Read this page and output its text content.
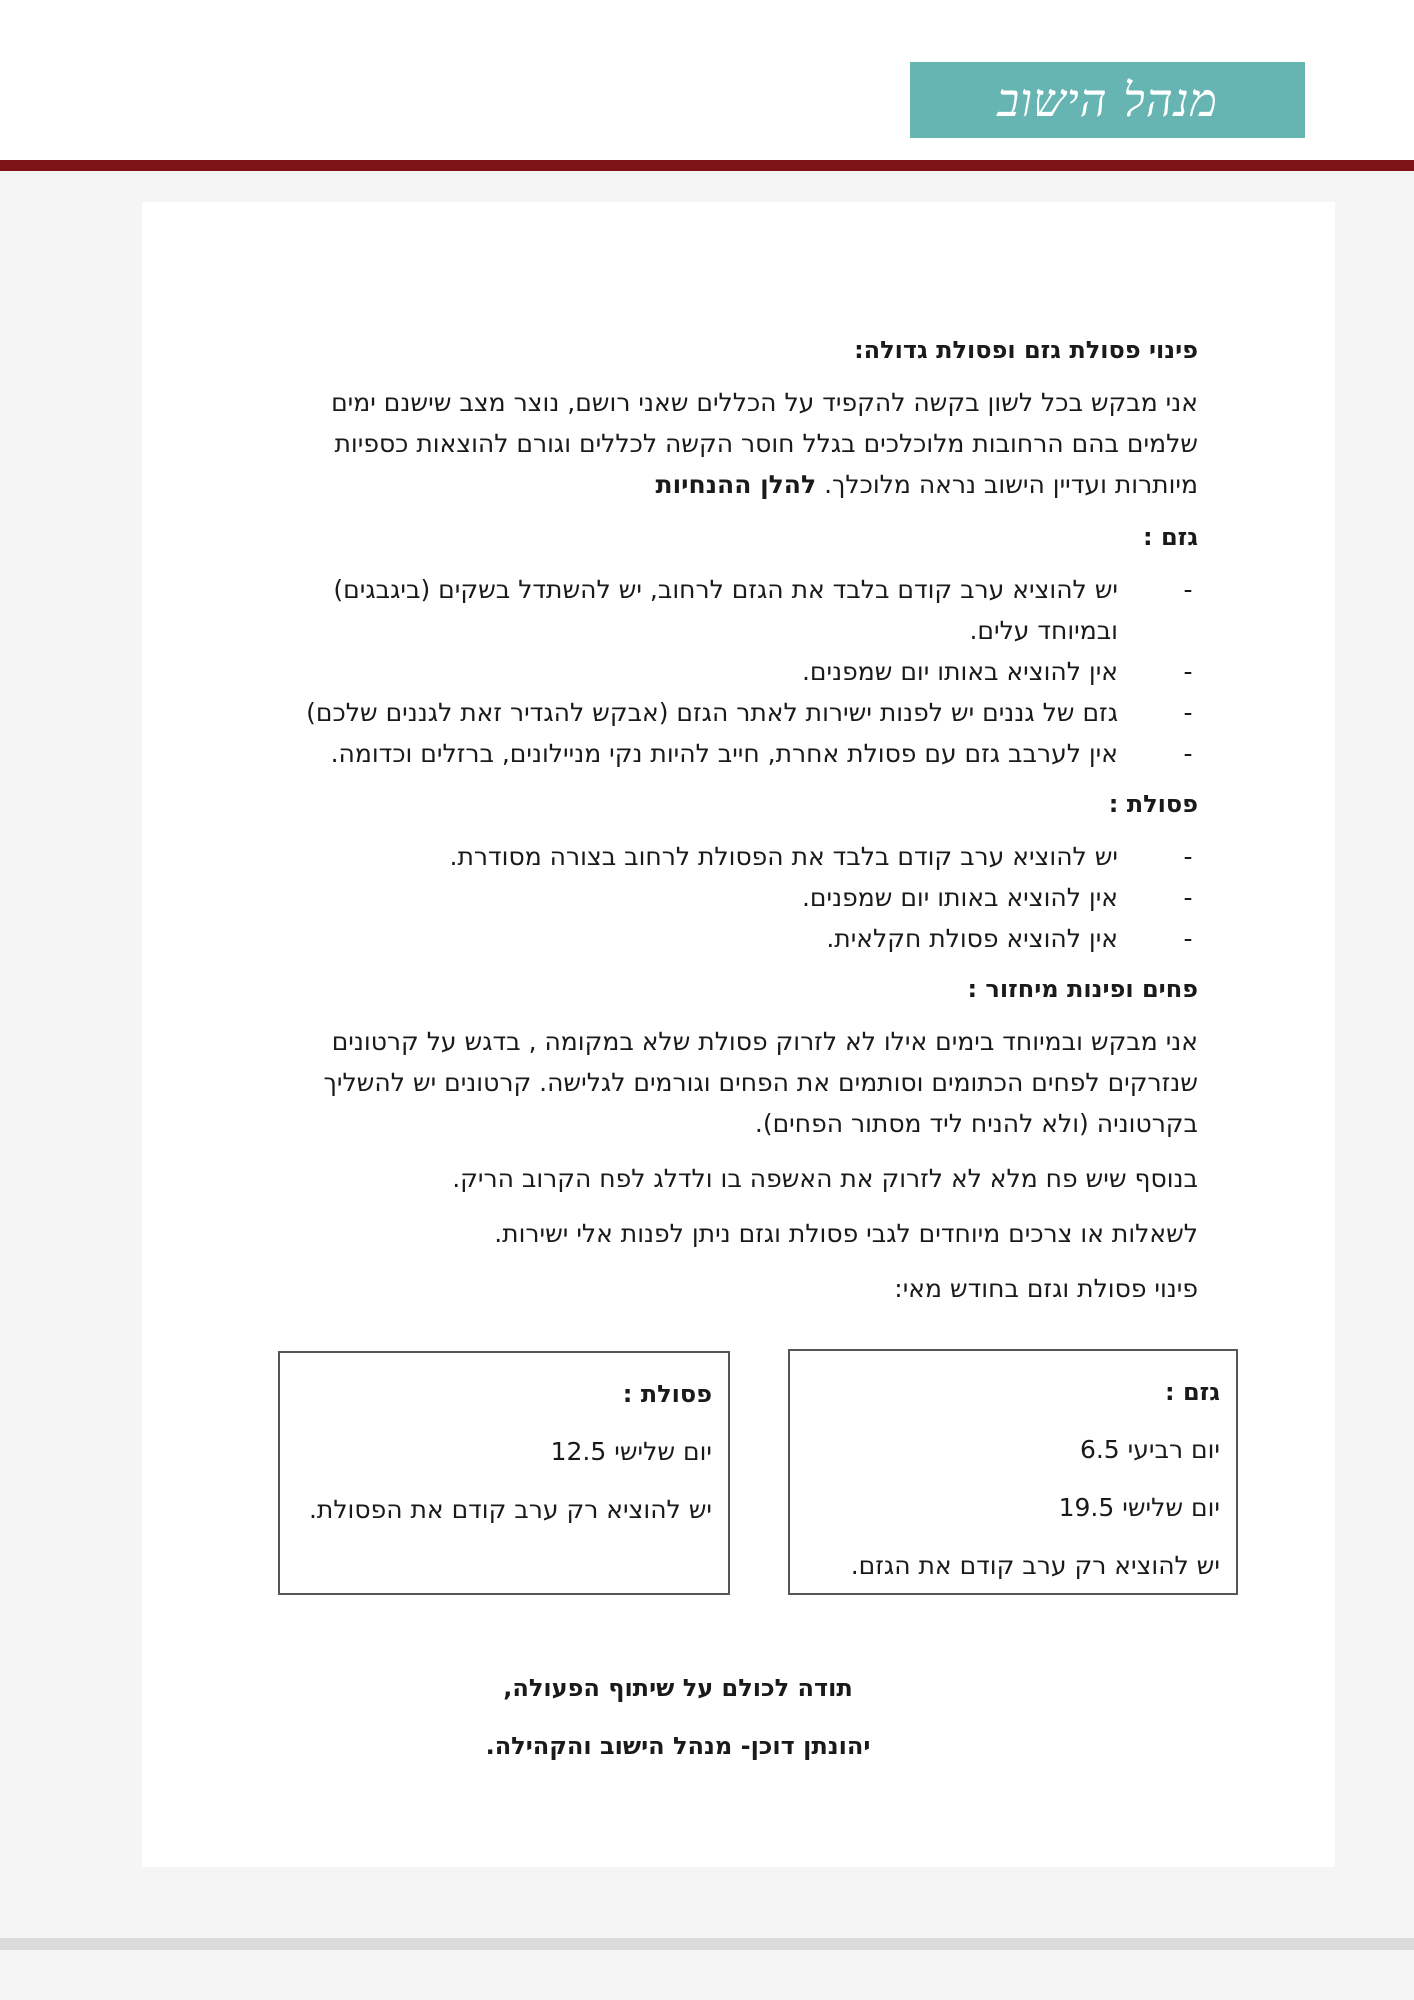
מנהל הישוב
פינוי פסולת גזם ופסולת גדולה:
אני מבקש בכל לשון בקשה להקפיד על הכללים שאני רושם, נוצר מצב שישנם ימים שלמים בהם הרחובות מלוכלכים בגלל חוסר הקשה לכללים וגורם להוצאות כספיות מיותרות ועדיין הישוב נראה מלוכלך. להלן ההנחיות
גזם :
-
יש להוציא ערב קודם בלבד את הגזם לרחוב, יש להשתדל בשקים (ביגבגים) ובמיוחד עלים.
-
אין להוציא באותו יום שמפנים.
-
גזם של גננים יש לפנות ישירות לאתר הגזם (אבקש להגדיר זאת לגננים שלכם)
-
אין לערבב גזם עם פסולת אחרת, חייב להיות נקי מניילונים, ברזלים וכדומה.
פסולת :
-
יש להוציא ערב קודם בלבד את הפסולת לרחוב בצורה מסודרת.
-
אין להוציא באותו יום שמפנים.
-
אין להוציא פסולת חקלאית.
פחים ופינות מיחזור :
אני מבקש ובמיוחד בימים אילו לא לזרוק פסולת שלא במקומה , בדגש על קרטונים שנזרקים לפחים הכתומים וסותמים את הפחים וגורמים לגלישה. קרטונים יש להשליך בקרטוניה (ולא להניח ליד מסתור הפחים).
בנוסף שיש פח מלא לא לזרוק את האשפה בו ולדלג לפח הקרוב הריק.
לשאלות או צרכים מיוחדים לגבי פסולת וגזם ניתן לפנות אלי ישירות.
פינוי פסולת וגזם בחודש מאי:
גזם :
יום רביעי 6.5
יום שלישי 19.5
יש להוציא רק ערב קודם את הגזם.
פסולת :
יום שלישי 12.5
יש להוציא רק ערב קודם את הפסולת.
תודה לכולם על שיתוף הפעולה,
יהונתן דוכן- מנהל הישוב והקהילה.
